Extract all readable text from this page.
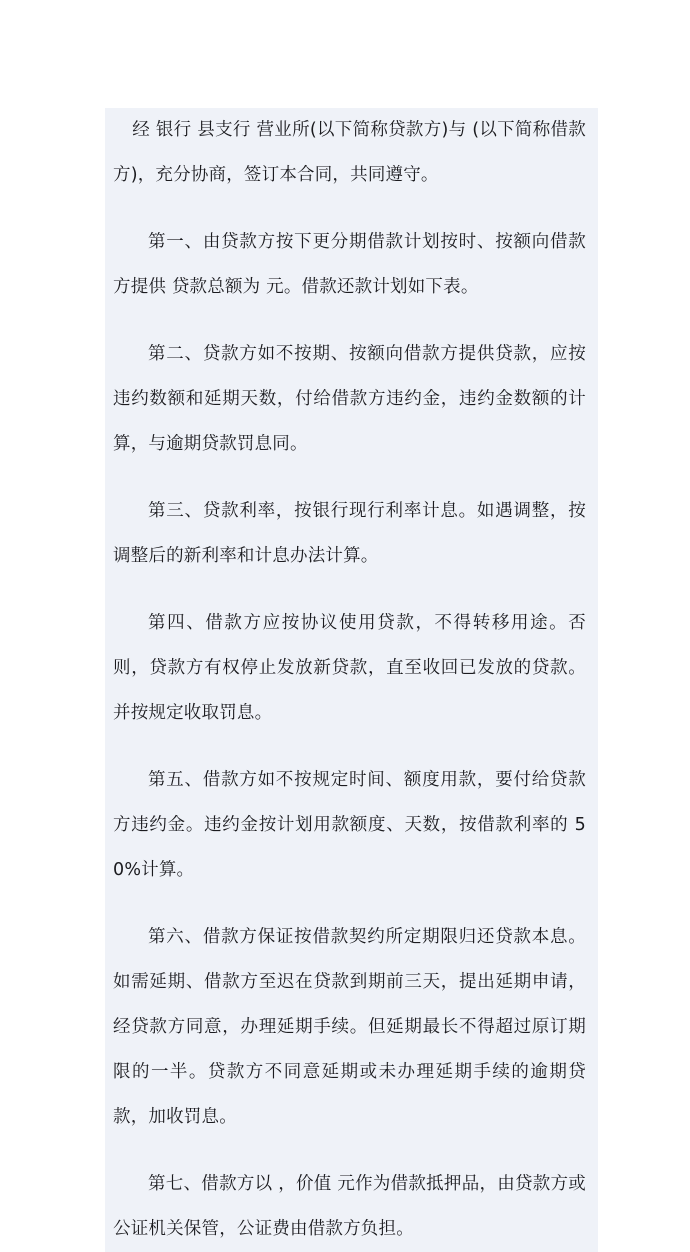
经 银行 县支行 营业所(以下简称贷款方)与 (以下简称借款方)，充分协商，签订本合同，共同遵守。

第一、由贷款方按下更分期借款计划按时、按额向借款方提供 贷款总额为 元。借款还款计划如下表。

第二、贷款方如不按期、按额向借款方提供贷款，应按违约数额和延期天数，付给借款方违约金，违约金数额的计算，与逾期贷款罚息同。

第三、贷款利率，按银行现行利率计息。如遇调整，按调整后的新利率和计息办法计算。

第四、借款方应按协议使用贷款，不得转移用途。否则，贷款方有权停止发放新贷款，直至收回已发放的贷款。并按规定收取罚息。

第五、借款方如不按规定时间、额度用款，要付给贷款方违约金。违约金按计划用款额度、天数，按借款利率的 50%计算。

第六、借款方保证按借款契约所定期限归还贷款本息。如需延期、借款方至迟在贷款到期前三天，提出延期申请，经贷款方同意，办理延期手续。但延期最长不得超过原订期限的一半。贷款方不同意延期或未办理延期手续的逾期贷款，加收罚息。

第七、借款方以 ，价值 元作为借款抵押品，由贷款方或公证机关保管，公证费由借款方负担。
